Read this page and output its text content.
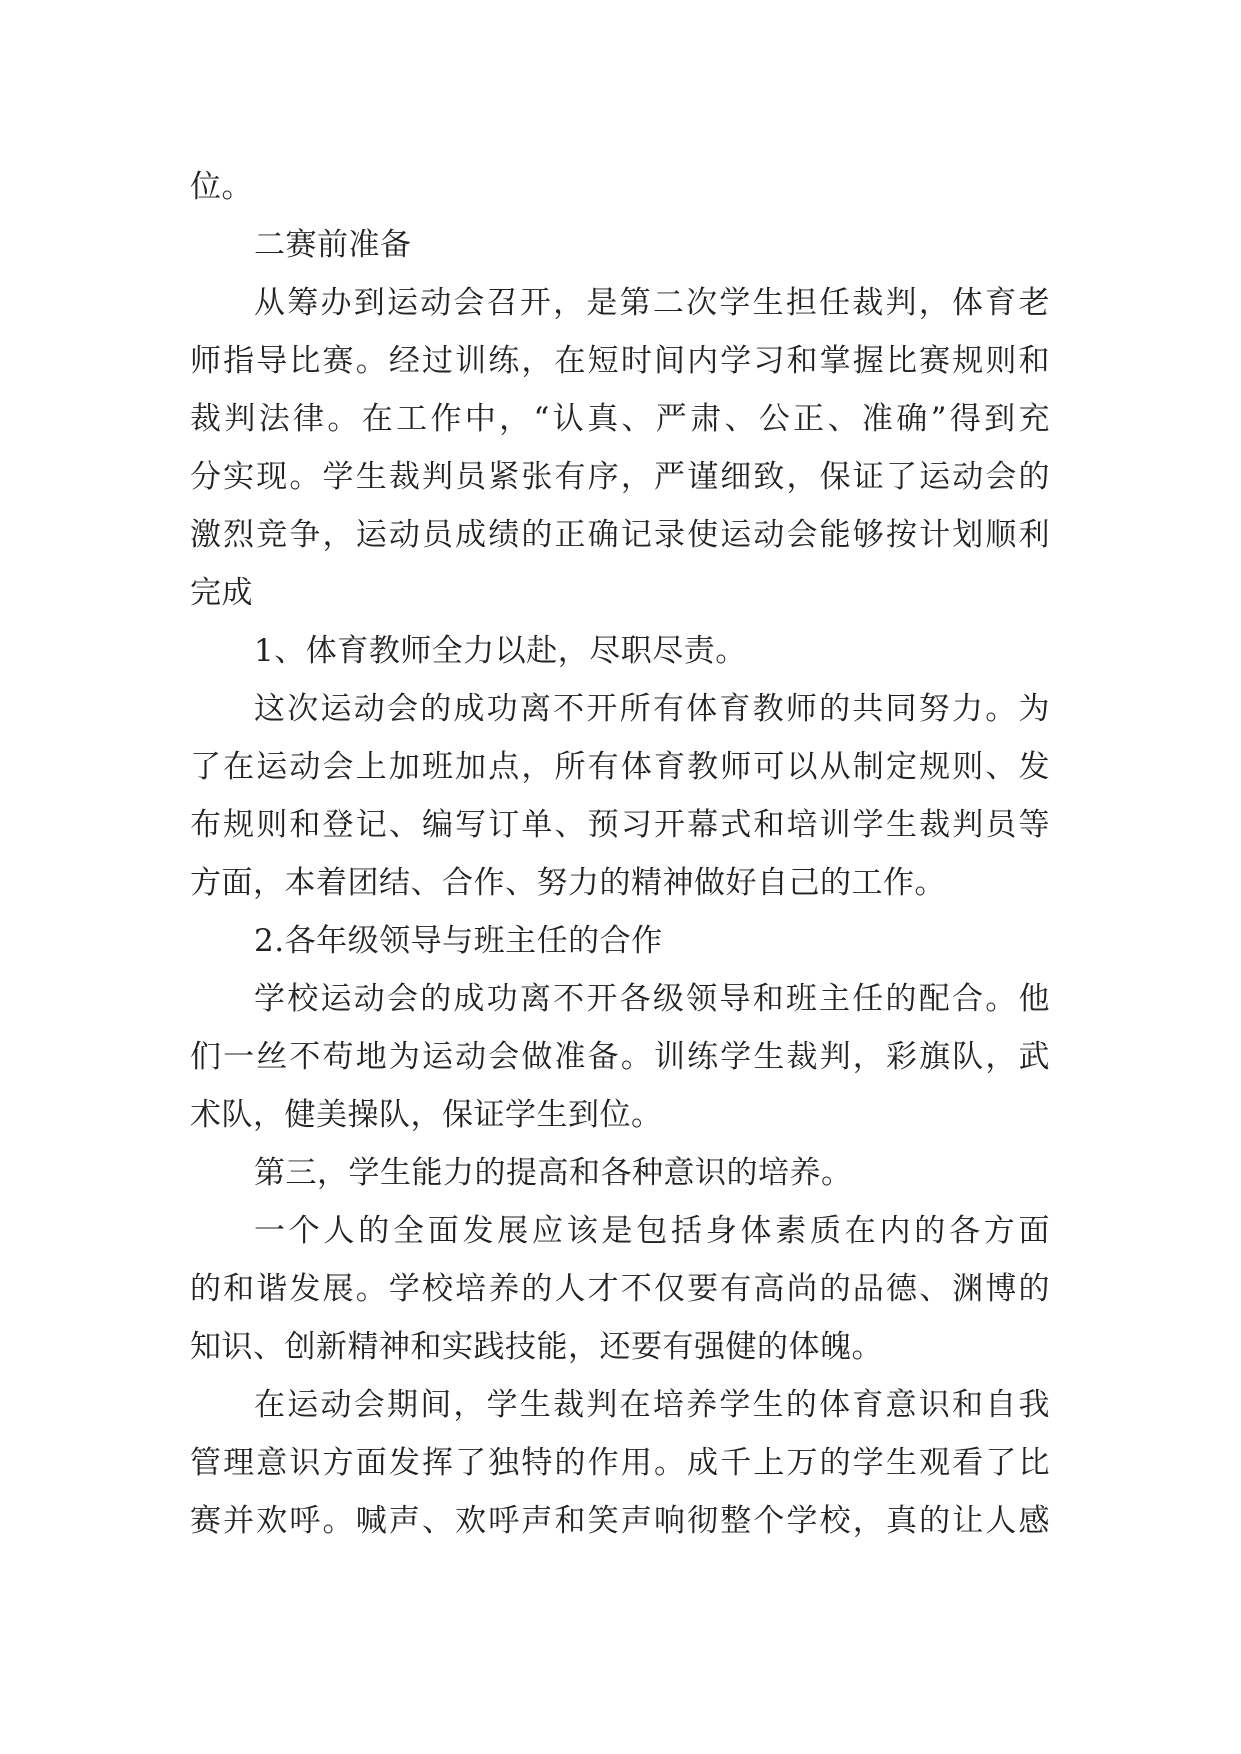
位。
二赛前准备
从筹办到运动会召开，是第二次学生担任裁判，体育老
师指导比赛。经过训练，在短时间内学习和掌握比赛规则和
裁判法律。在工作中，“认真、严肃、公正、准确”得到充
分实现。学生裁判员紧张有序，严谨细致，保证了运动会的
激烈竞争，运动员成绩的正确记录使运动会能够按计划顺利
完成
1、体育教师全力以赴，尽职尽责。
这次运动会的成功离不开所有体育教师的共同努力。为
了在运动会上加班加点，所有体育教师可以从制定规则、发
布规则和登记、编写订单、预习开幕式和培训学生裁判员等
方面，本着团结、合作、努力的精神做好自己的工作。
2.各年级领导与班主任的合作
学校运动会的成功离不开各级领导和班主任的配合。他
们一丝不苟地为运动会做准备。训练学生裁判，彩旗队，武
术队，健美操队，保证学生到位。
第三，学生能力的提高和各种意识的培养。
一个人的全面发展应该是包括身体素质在内的各方面
的和谐发展。学校培养的人才不仅要有高尚的品德、渊博的
知识、创新精神和实践技能，还要有强健的体魄。
在运动会期间，学生裁判在培养学生的体育意识和自我
管理意识方面发挥了独特的作用。成千上万的学生观看了比
赛并欢呼。喊声、欢呼声和笑声响彻整个学校，真的让人感
